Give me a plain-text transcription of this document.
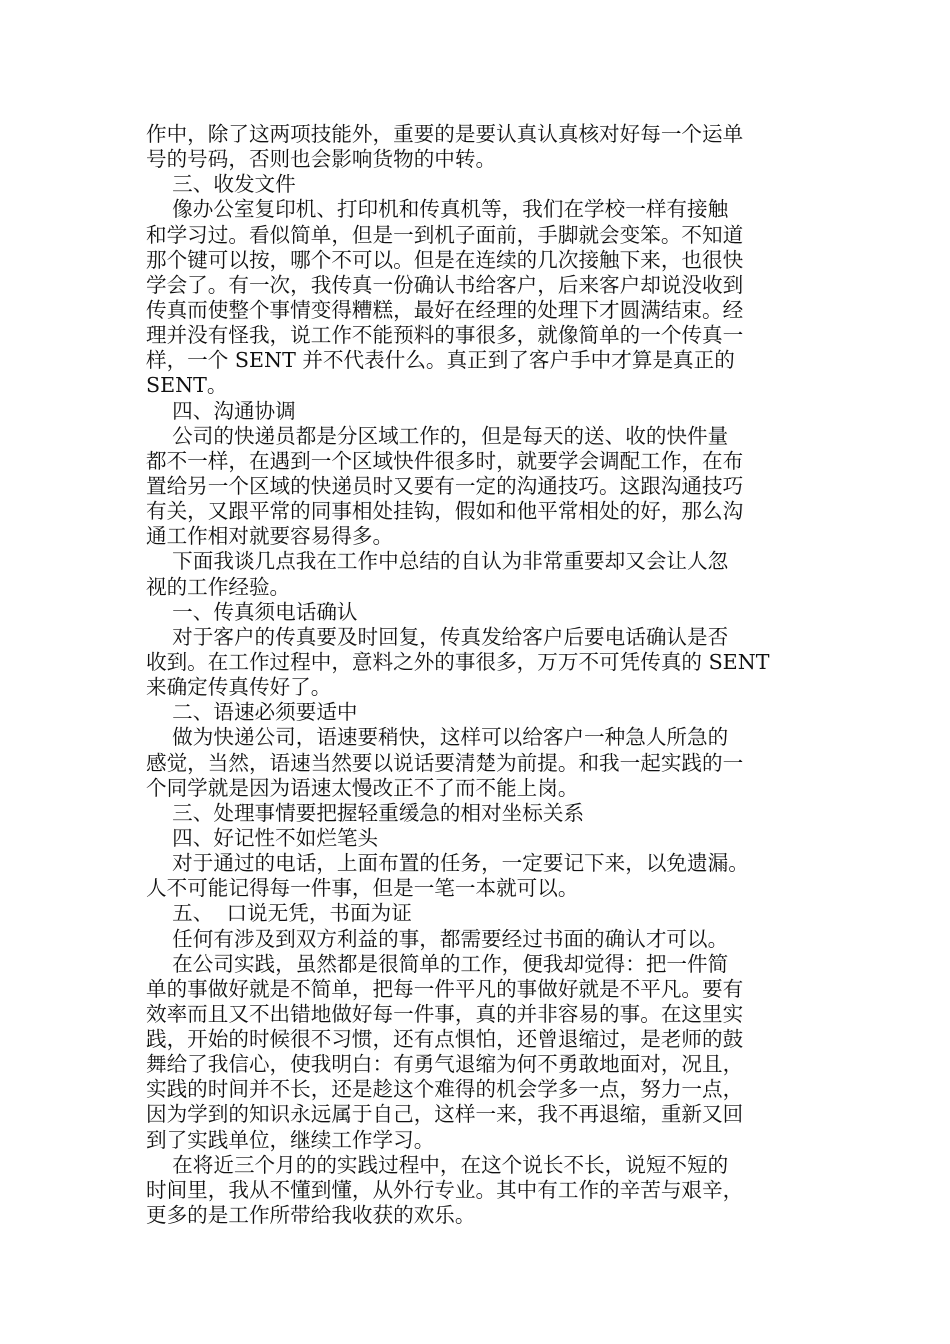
作中，除了这两项技能外，重要的是要认真认真核对好每一个运单

号的号码，否则也会影响货物的中转。

三、收发文件

像办公室复印机、打印机和传真机等，我们在学校一样有接触

和学习过。看似简单，但是一到机子面前，手脚就会变笨。不知道

那个键可以按，哪个不可以。但是在连续的几次接触下来，也很快

学会了。有一次，我传真一份确认书给客户，后来客户却说没收到

传真而使整个事情变得糟糕，最好在经理的处理下才圆满结束。经

理并没有怪我，说工作不能预料的事很多，就像简单的一个传真一

样，一个 SENT 并不代表什么。真正到了客户手中才算是真正的

SENT。

四、沟通协调

公司的快递员都是分区域工作的，但是每天的送、收的快件量

都不一样，在遇到一个区域快件很多时，就要学会调配工作，在布

置给另一个区域的快递员时又要有一定的沟通技巧。这跟沟通技巧

有关，又跟平常的同事相处挂钩，假如和他平常相处的好，那么沟

通工作相对就要容易得多。

下面我谈几点我在工作中总结的自认为非常重要却又会让人忽

视的工作经验。

一、传真须电话确认

对于客户的传真要及时回复，传真发给客户后要电话确认是否

收到。在工作过程中，意料之外的事很多，万万不可凭传真的 SENT

来确定传真传好了。

二、语速必须要适中

做为快递公司，语速要稍快，这样可以给客户一种急人所急的

感觉，当然，语速当然要以说话要清楚为前提。和我一起实践的一

个同学就是因为语速太慢改正不了而不能上岗。

三、处理事情要把握轻重缓急的相对坐标关系

四、好记性不如烂笔头

对于通过的电话，上面布置的任务，一定要记下来，以免遗漏。

人不可能记得每一件事，但是一笔一本就可以。

五、  口说无凭，书面为证

任何有涉及到双方利益的事，都需要经过书面的确认才可以。

在公司实践，虽然都是很简单的工作，便我却觉得：把一件简

单的事做好就是不简单，把每一件平凡的事做好就是不平凡。要有

效率而且又不出错地做好每一件事，真的并非容易的事。在这里实

践，开始的时候很不习惯，还有点惧怕，还曾退缩过，是老师的鼓

舞给了我信心，使我明白：有勇气退缩为何不勇敢地面对，况且，

实践的时间并不长，还是趁这个难得的机会学多一点，努力一点，

因为学到的知识永远属于自己，这样一来，我不再退缩，重新又回

到了实践单位，继续工作学习。

在将近三个月的的实践过程中，在这个说长不长，说短不短的

时间里，我从不懂到懂，从外行专业。其中有工作的辛苦与艰辛，

更多的是工作所带给我收获的欢乐。
